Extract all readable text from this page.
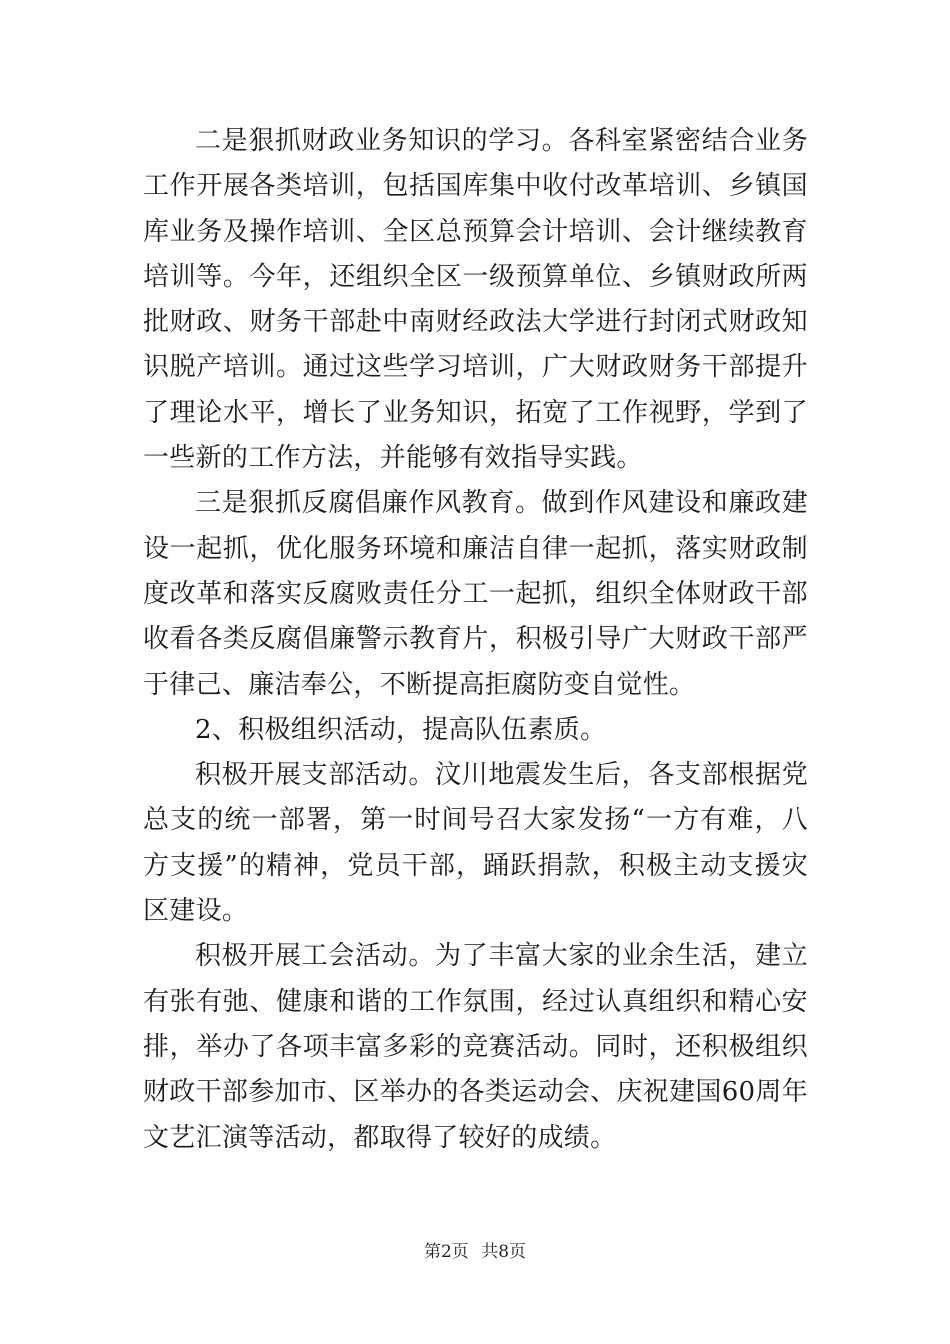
二是狠抓财政业务知识的学习。各科室紧密结合业务工作开展各类培训，包括国库集中收付改革培训、乡镇国库业务及操作培训、全区总预算会计培训、会计继续教育培训等。今年，还组织全区一级预算单位、乡镇财政所两批财政、财务干部赴中南财经政法大学进行封闭式财政知识脱产培训。通过这些学习培训，广大财政财务干部提升了理论水平，增长了业务知识，拓宽了工作视野，学到了一些新的工作方法，并能够有效指导实践。

三是狠抓反腐倡廉作风教育。做到作风建设和廉政建设一起抓，优化服务环境和廉洁自律一起抓，落实财政制度改革和落实反腐败责任分工一起抓，组织全体财政干部收看各类反腐倡廉警示教育片，积极引导广大财政干部严于律己、廉洁奉公，不断提高拒腐防变自觉性。

2、积极组织活动，提高队伍素质。

积极开展支部活动。汶川地震发生后，各支部根据党总支的统一部署，第一时间号召大家发扬“一方有难，八方支援”的精神，党员干部，踊跃捐款，积极主动支援灾区建设。

积极开展工会活动。为了丰富大家的业余生活，建立有张有弛、健康和谐的工作氛围，经过认真组织和精心安排，举办了各项丰富多彩的竞赛活动。同时，还积极组织财政干部参加市、区举办的各类运动会、庆祝建国60周年文艺汇演等活动，都取得了较好的成绩。

第2页 共8页
